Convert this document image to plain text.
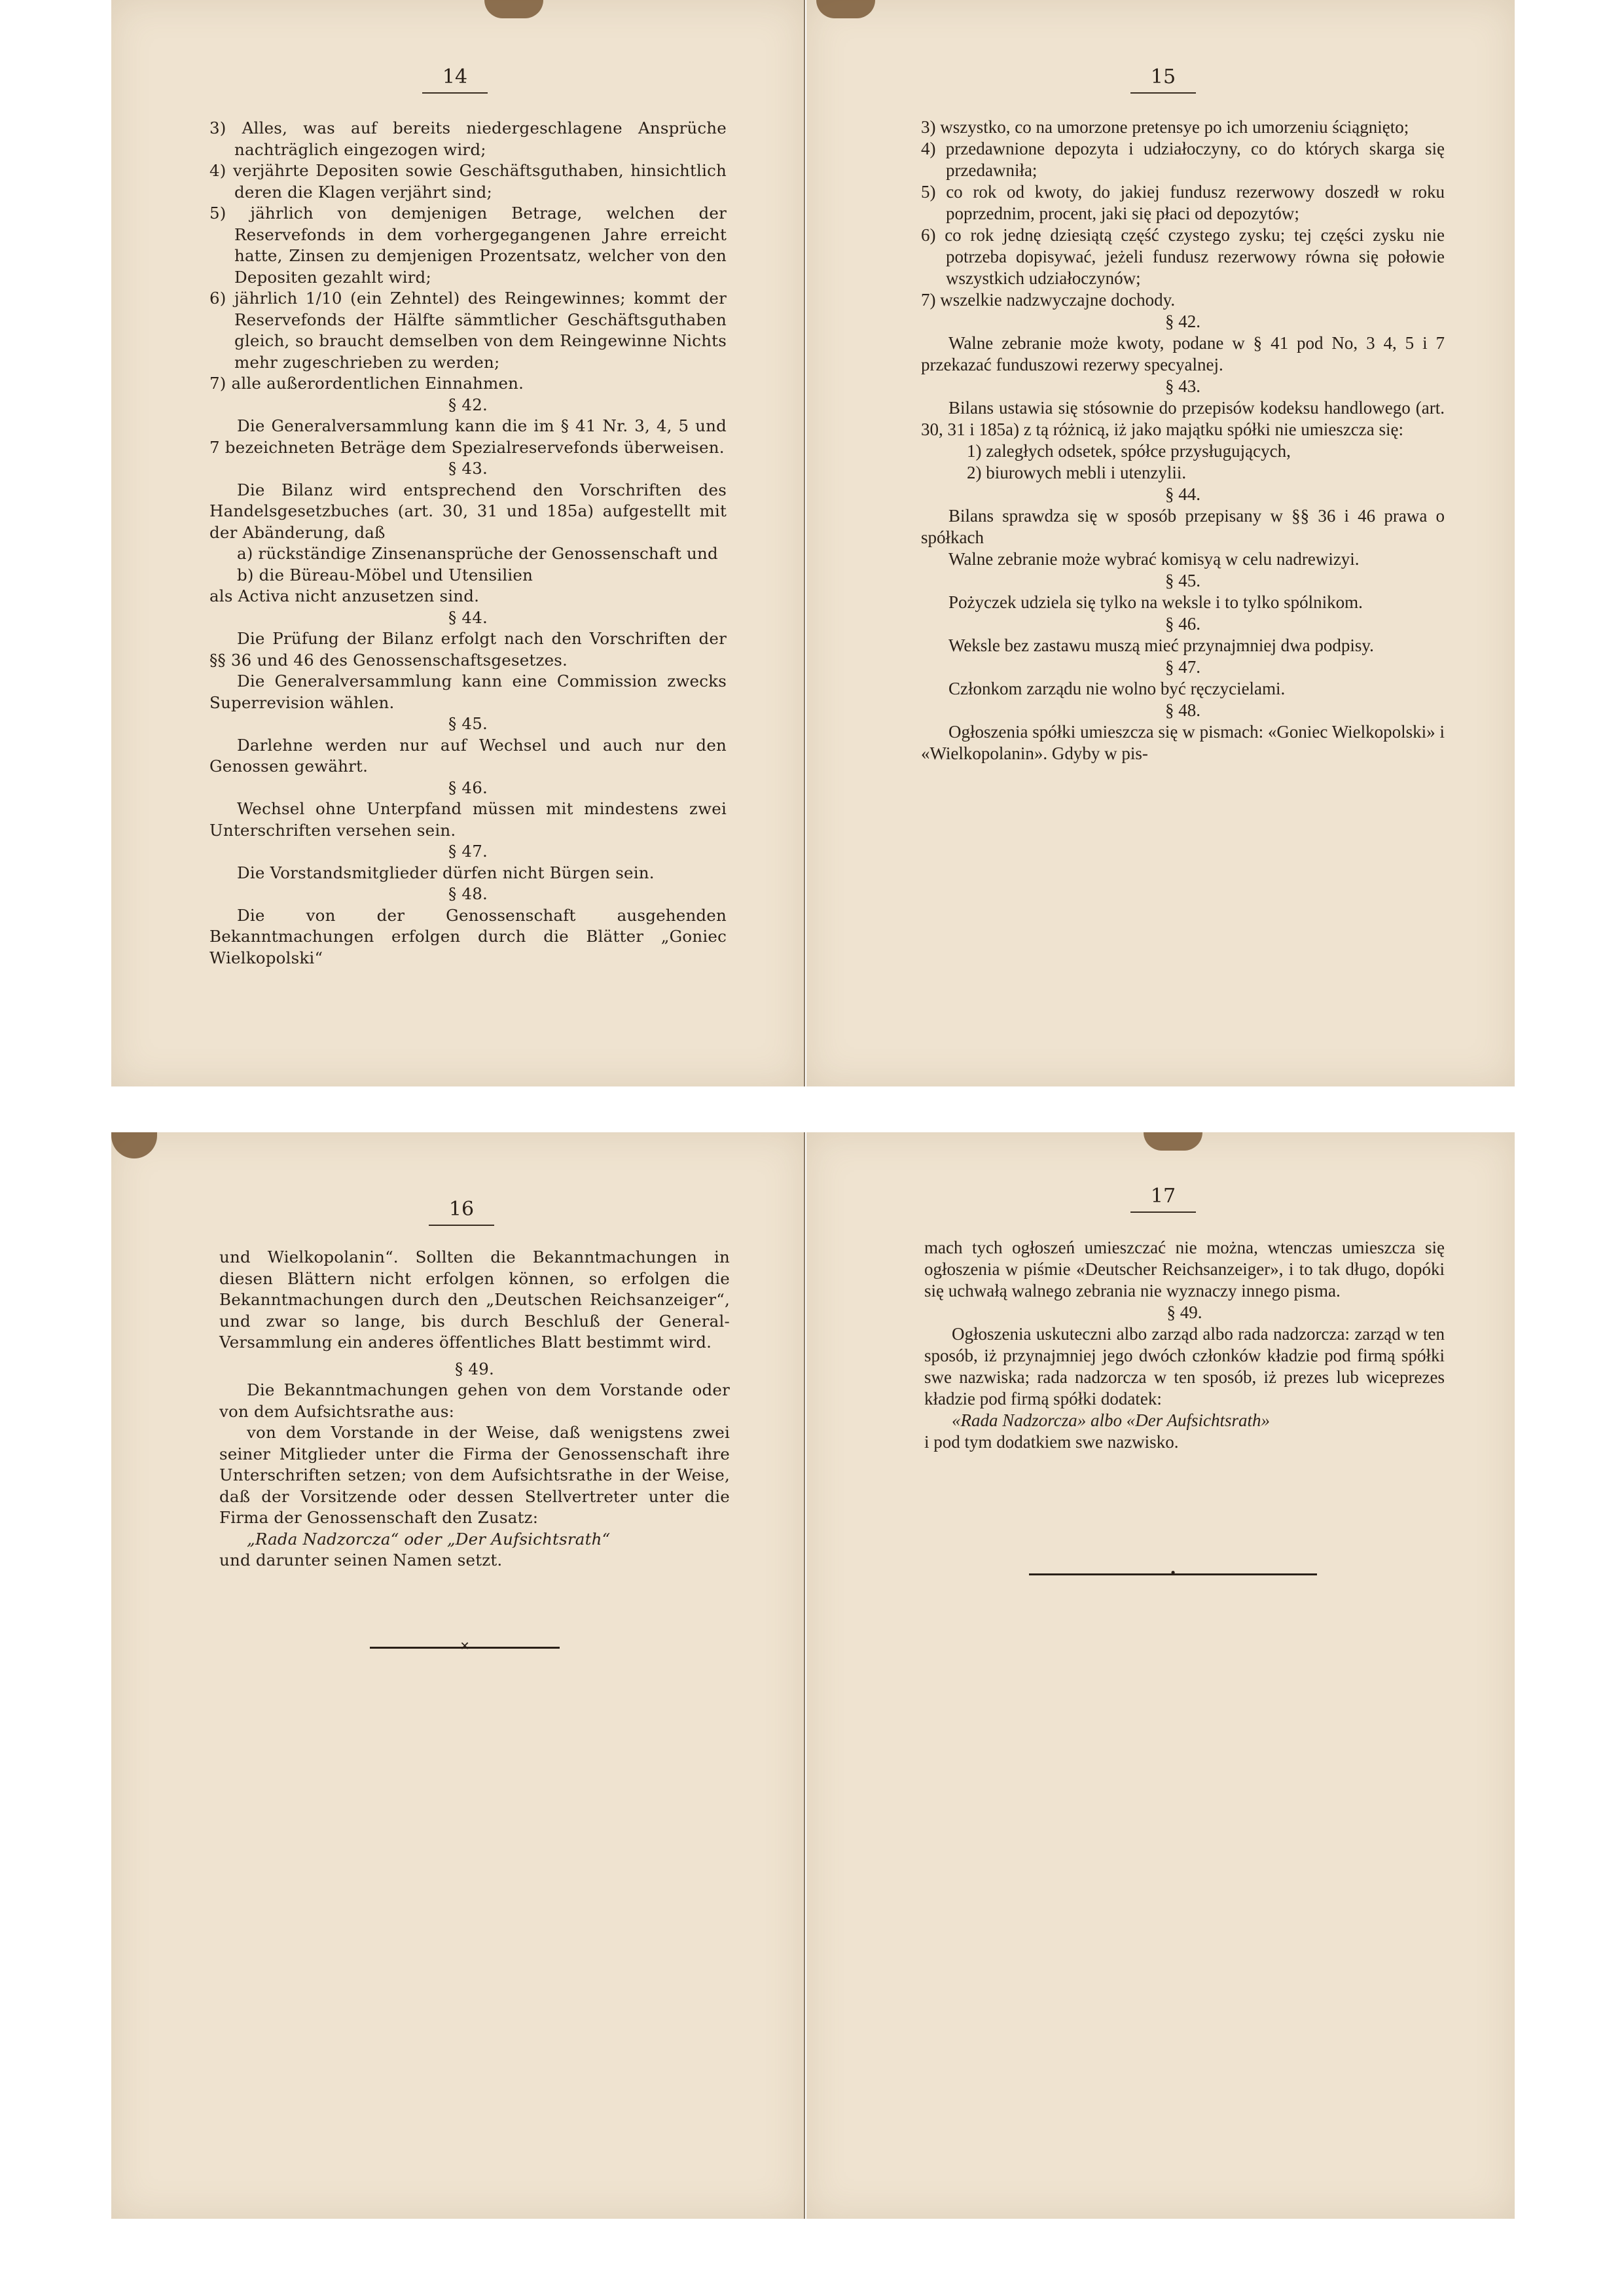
14

3) Alles, was auf bereits niedergeschlagene Ansprüche nachträglich eingezogen wird;

4) verjährte Depositen sowie Geschäftsguthaben, hinsichtlich deren die Klagen verjährt sind;

5) jährlich von demjenigen Betrage, welchen der Reservefonds in dem vorhergegangenen Jahre erreicht hatte, Zinsen zu demjenigen Prozentsatz, welcher von den Depositen gezahlt wird;

6) jährlich 1/10 (ein Zehntel) des Reingewinnes; kommt der Reservefonds der Hälfte sämmtlicher Geschäftsguthaben gleich, so braucht demselben von dem Reingewinne Nichts mehr zugeschrieben zu werden;

7) alle außerordentlichen Einnahmen.

§ 42.

Die Generalversammlung kann die im § 41 Nr. 3, 4, 5 und 7 bezeichneten Beträge dem Spezialreservefonds überweisen.

§ 43.

Die Bilanz wird entsprechend den Vorschriften des Handelsgesetzbuches (art. 30, 31 und 185a) aufgestellt mit der Abänderung, daß

a) rückständige Zinsenansprüche der Genossenschaft und

b) die Büreau-Möbel und Utensilien

als Activa nicht anzusetzen sind.

§ 44.

Die Prüfung der Bilanz erfolgt nach den Vorschriften der §§ 36 und 46 des Genossenschaftsgesetzes.

Die Generalversammlung kann eine Commission zwecks Superrevision wählen.

§ 45.

Darlehne werden nur auf Wechsel und auch nur den Genossen gewährt.

§ 46.

Wechsel ohne Unterpfand müssen mit mindestens zwei Unterschriften versehen sein.

§ 47.

Die Vorstandsmitglieder dürfen nicht Bürgen sein.

§ 48.

Die von der Genossenschaft ausgehenden Bekanntmachungen erfolgen durch die Blätter „Goniec Wielkopolski“

15

3) wszystko, co na umorzone pretensye po ich umorzeniu ściągnięto;

4) przedawnione depozyta i udziałoczyny, co do których skarga się przedawniła;

5) co rok od kwoty, do jakiej fundusz rezerwowy doszedł w roku poprzednim, procent, jaki się płaci od depozytów;

6) co rok jednę dziesiątą część czystego zysku; tej części zysku nie potrzeba dopisywać, jeżeli fundusz rezerwowy równa się połowie wszystkich udziałoczynów;

7) wszelkie nadzwyczajne dochody.

§ 42.

Walne zebranie może kwoty, podane w § 41 pod No, 3 4, 5 i 7 przekazać funduszowi rezerwy specyalnej.

§ 43.

Bilans ustawia się stósownie do przepisów kodeksu handlowego (art. 30, 31 i 185a) z tą różnicą, iż jako majątku spółki nie umieszcza się:

1) zaległych odsetek, spółce przysługujących,

2) biurowych mebli i utenzylii.

§ 44.

Bilans sprawdza się w sposób przepisany w §§ 36 i 46 prawa o spółkach

Walne zebranie może wybrać komisyą w celu nadrewizyi.

§ 45.

Pożyczek udziela się tylko na weksle i to tylko spólnikom.

§ 46.

Weksle bez zastawu muszą mieć przynajmniej dwa podpisy.

§ 47.

Członkom zarządu nie wolno być ręczycielami.

§ 48.

Ogłoszenia spółki umieszcza się w pismach: «Goniec Wielkopolski» i «Wielkopolanin». Gdyby w pis-

16

und Wielkopolanin“. Sollten die Bekanntmachungen in diesen Blättern nicht erfolgen können, so erfolgen die Bekanntmachungen durch den „Deutschen Reichsanzeiger“, und zwar so lange, bis durch Beschluß der General-Versammlung ein anderes öffentliches Blatt bestimmt wird.

§ 49.

Die Bekanntmachungen gehen von dem Vorstande oder von dem Aufsichtsrathe aus:

von dem Vorstande in der Weise, daß wenigstens zwei seiner Mitglieder unter die Firma der Genossenschaft ihre Unterschriften setzen; von dem Aufsichtsrathe in der Weise, daß der Vorsitzende oder dessen Stellvertreter unter die Firma der Genossenschaft den Zusatz:

„Rada Nadzorcza“ oder „Der Aufsichtsrath“

und darunter seinen Namen setzt.

✕
17

mach tych ogłoszeń umieszczać nie można, wtenczas umieszcza się ogłoszenia w piśmie «Deutscher Reichsanzeiger», i to tak długo, dopóki się uchwałą walnego zebrania nie wyznaczy innego pisma.

§ 49.

Ogłoszenia uskuteczni albo zarząd albo rada nadzorcza: zarząd w ten sposób, iż przynajmniej jego dwóch członków kładzie pod firmą spółki swe nazwiska; rada nadzorcza w ten sposób, iż prezes lub wiceprezes kładzie pod firmą spółki dodatek:

«Rada Nadzorcza» albo «Der Aufsichtsrath»

i pod tym dodatkiem swe nazwisko.

•
